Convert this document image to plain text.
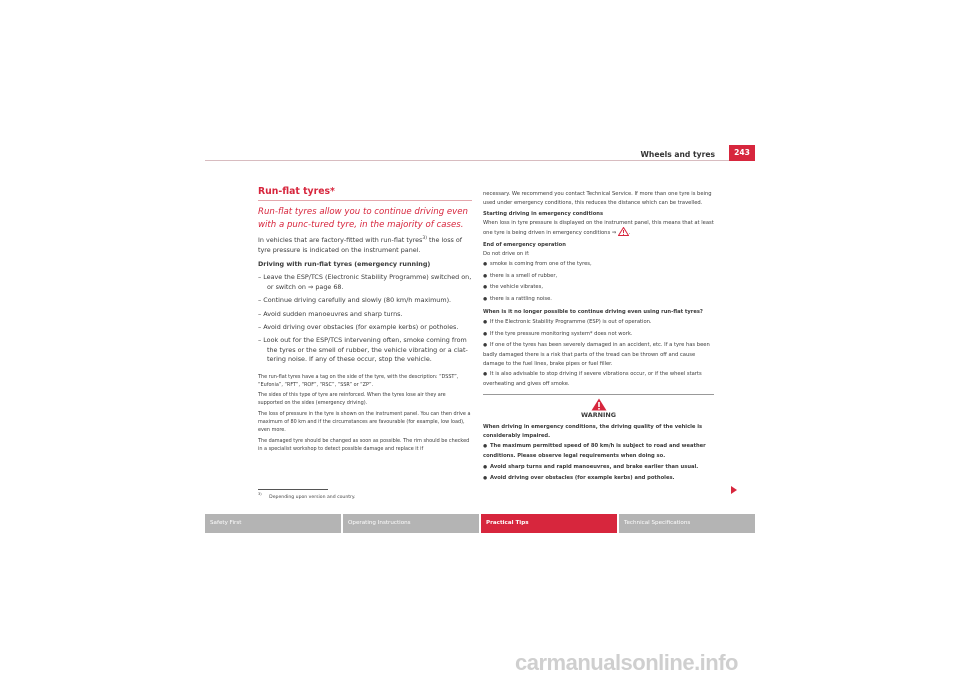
Wheels and tyres	243
Run-flat tyres*
Run-flat tyres allow you to continue driving even with a punc-tured tyre, in the majority of cases.
In vehicles that are factory-fitted with run-flat tyres$^{3)}$ the loss of tyre pressure is indicated on the instrument panel.
Driving with run-flat tyres (emergency running)
– Leave the ESP/TCS (Electronic Stability Programme) switched on, or switch on ⇒ page 68.
– Continue driving carefully and slowly (80 km/h maximum).
– Avoid sudden manoeuvres and sharp turns.
– Avoid driving over obstacles (for example kerbs) or potholes.
– Look out for the ESP/TCS intervening often, smoke coming from the tyres or the smell of rubber, the vehicle vibrating or a clat-tering noise. If any of these occur, stop the vehicle.
The run-flat tyres have a tag on the side of the tyre, with the description: “DSST”, “Eufonia”, “RFT”, “ROF”, “RSC”, “SSR” or “ZP”.
The sides of this type of tyre are reinforced. When the tyres lose air they are supported on the sides (emergency driving).
The loss of pressure in the tyre is shown on the instrument panel. You can then drive a maximum of 80 km and if the circumstances are favourable (for example, low load), even more.
The damaged tyre should be changed as soon as possible. The rim should be checked in a specialist workshop to detect possible damage and replace it if
$^{3)}$ Depending upon version and country.
necessary. We recommend you contact Technical Service. If more than one tyre is being used under emergency conditions, this reduces the distance which can be travelled.
Starting driving in emergency conditions
When loss in tyre pressure is displayed on the instrument panel, this means that at least one tyre is being driven in emergency conditions ⇒ .
End of emergency operation
Do not drive on if:
●smoke is coming from one of the tyres,
●there is a smell of rubber,
●the vehicle vibrates,
●there is a rattling noise.
When is it no longer possible to continue driving even using run-flat tyres?
●If the Electronic Stability Programme (ESP) is out of operation.
●If the tyre pressure monitoring system* does not work.
●If one of the tyres has been severely damaged in an accident, etc. If a tyre has been badly damaged there is a risk that parts of the tread can be thrown off and cause damage to the fuel lines, brake pipes or fuel filler.
●It is also advisable to stop driving if severe vibrations occur, or if the wheel starts overheating and gives off smoke.
WARNING
When driving in emergency conditions, the driving quality of the vehicle is considerably impaired.
●The maximum permitted speed of 80 km/h is subject to road and weather conditions. Please observe legal requirements when doing so.
●Avoid sharp turns and rapid manoeuvres, and brake earlier than usual.
●Avoid driving over obstacles (for example kerbs) and potholes.
Safety First	Operating Instructions	Practical Tips	Technical Specifications
carmanualsonline.info
